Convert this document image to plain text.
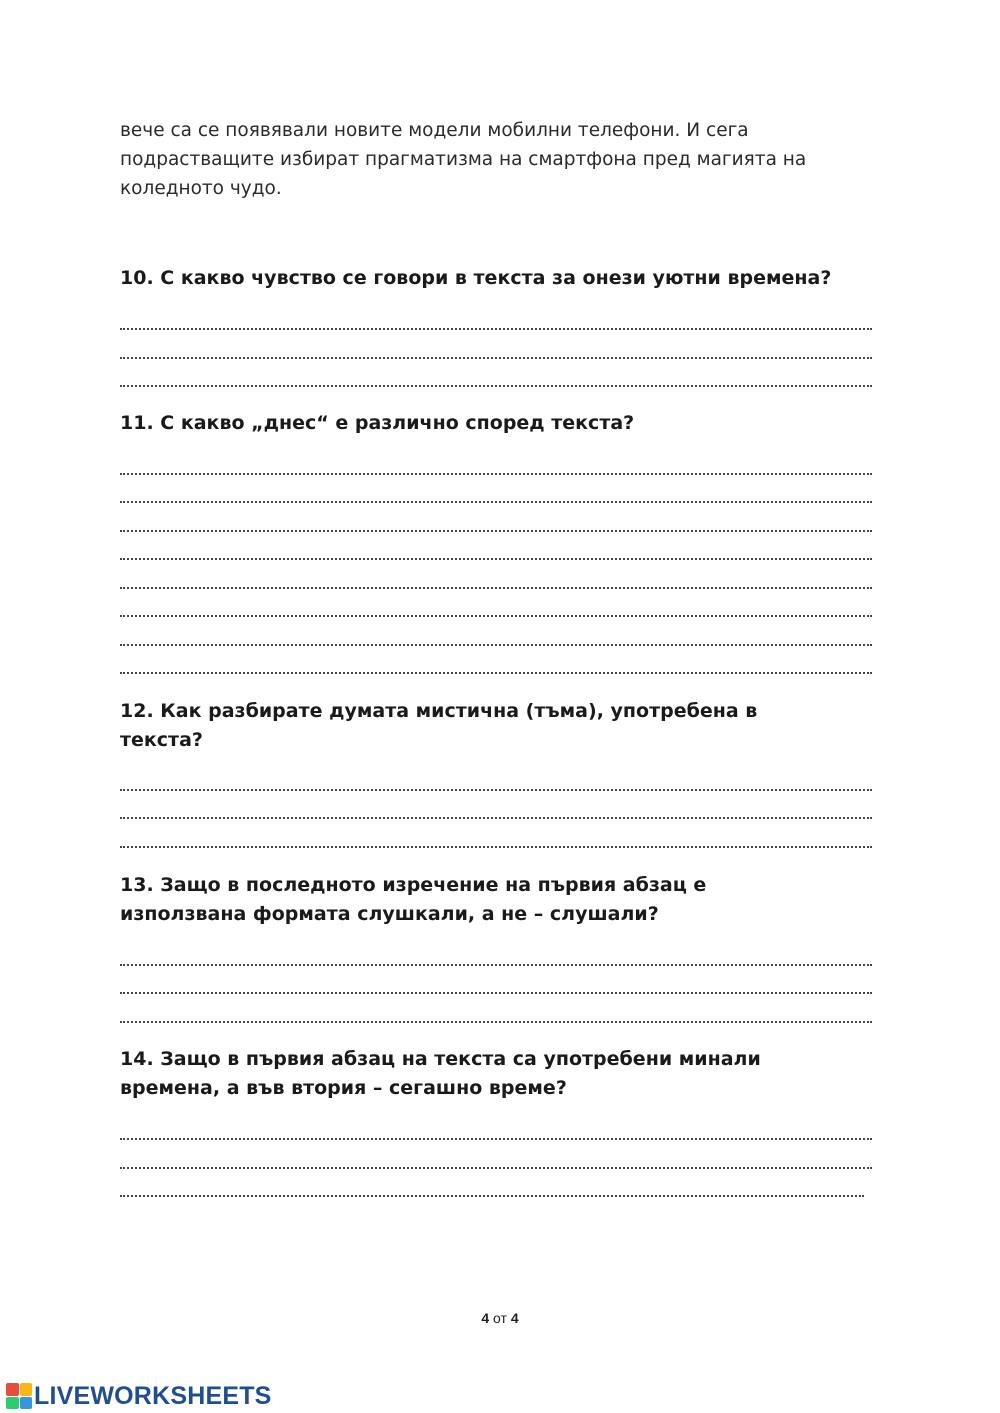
вече са се появявали новите модели мобилни телефони. И сега
подрастващите избират прагматизма на смартфона пред магията на
коледното чудо.
10. С какво чувство се говори в текста за онези уютни времена?
11. С какво „днес“ е различно според текста?
12. Как разбирате думата мистична (тъма), употребена в
текста?
13. Защо в последното изречение на първия абзац е
използвана формата слушкали, а не – слушали?
14. Защо в първия абзац на текста са употребени минали
времена, а във втория – сегашно време?
4 от 4
LIVEWORKSHEETS
